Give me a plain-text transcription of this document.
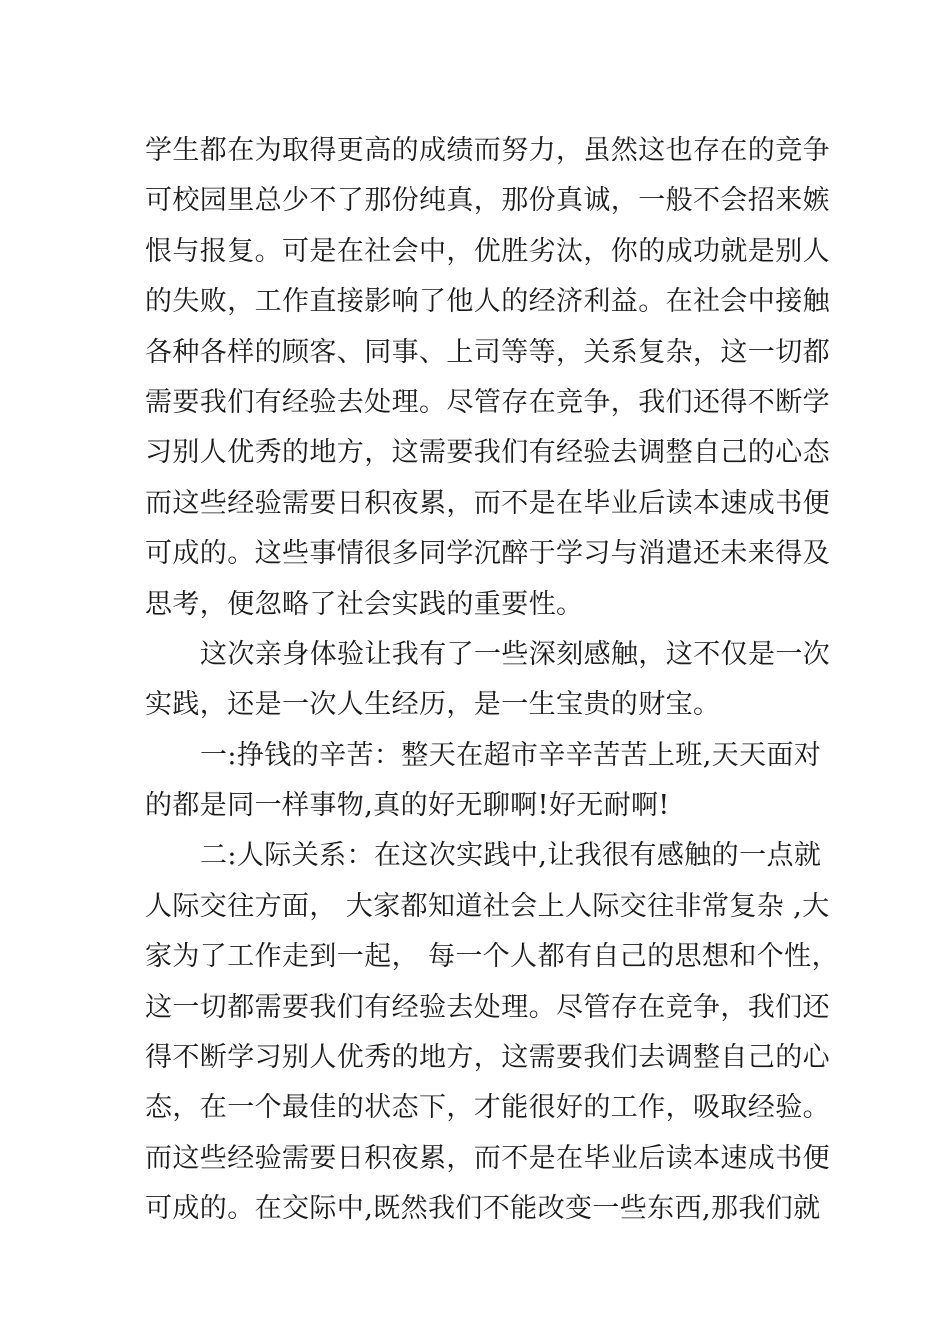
学生都在为取得更高的成绩而努力，虽然这也存在的竞争
可校园里总少不了那份纯真，那份真诚，一般不会招来嫉
恨与报复。可是在社会中，优胜劣汰，你的成功就是别人
的失败，工作直接影响了他人的经济利益。在社会中接触
各种各样的顾客、同事、上司等等，关系复杂，这一切都
需要我们有经验去处理。尽管存在竞争，我们还得不断学
习别人优秀的地方，这需要我们有经验去调整自己的心态
而这些经验需要日积夜累，而不是在毕业后读本速成书便
可成的。这些事情很多同学沉醉于学习与消遣还未来得及
思考，便忽略了社会实践的重要性。
这次亲身体验让我有了一些深刻感触，这不仅是一次
实践，还是一次人生经历，是一生宝贵的财宝。
一:挣钱的辛苦：整天在超市辛辛苦苦上班,天天面对
的都是同一样事物,真的好无聊啊!好无耐啊!
二:人际关系：在这次实践中,让我很有感触的一点就
人际交往方面， 大家都知道社会上人际交往非常复杂 ,大
家为了工作走到一起， 每一个人都有自己的思想和个性，
这一切都需要我们有经验去处理。尽管存在竞争，我们还
得不断学习别人优秀的地方，这需要我们去调整自己的心
态，在一个最佳的状态下，才能很好的工作，吸取经验。
而这些经验需要日积夜累，而不是在毕业后读本速成书便
可成的。在交际中,既然我们不能改变一些东西,那我们就
